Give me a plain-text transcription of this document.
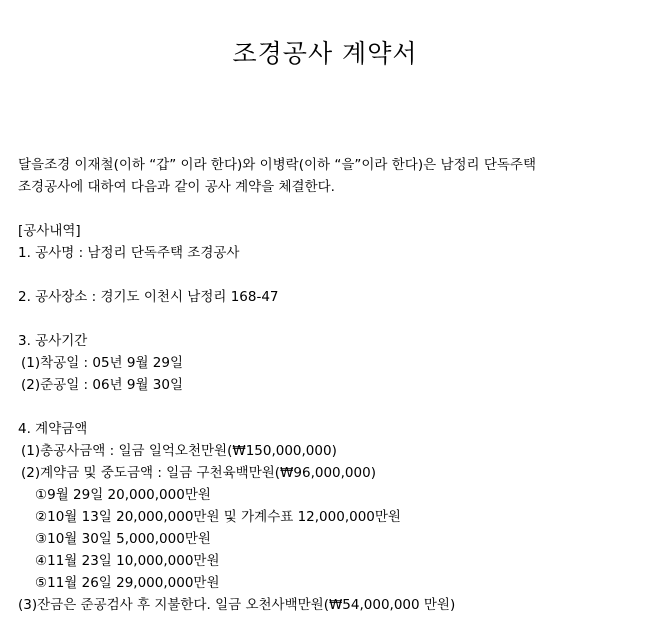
조경공사 계약서
달을조경 이재철(이하 “갑” 이라 한다)와 이병락(이하 “을”이라 한다)은 남정리 단독주택
조경공사에 대하여 다음과 같이 공사 계약을 체결한다.
[공사내역]
1. 공사명 : 남정리 단독주택 조경공사
2. 공사장소 : 경기도 이천시 남정리 168-47
3. 공사기간
(1)착공일 : 05년 9월 29일
(2)준공일 : 06년 9월 30일
4. 계약금액
(1)총공사금액 : 일금 일억오천만원(₩150,000,000)
(2)계약금 및 중도금액 : 일금 구천육백만원(₩96,000,000)
①9월 29일 20,000,000만원
②10월 13일 20,000,000만원 및 가계수표 12,000,000만원
③10월 30일 5,000,000만원
④11월 23일 10,000,000만원
⑤11월 26일 29,000,000만원
(3)잔금은 준공검사 후 지불한다. 일금 오천사백만원(₩54,000,000 만원)
